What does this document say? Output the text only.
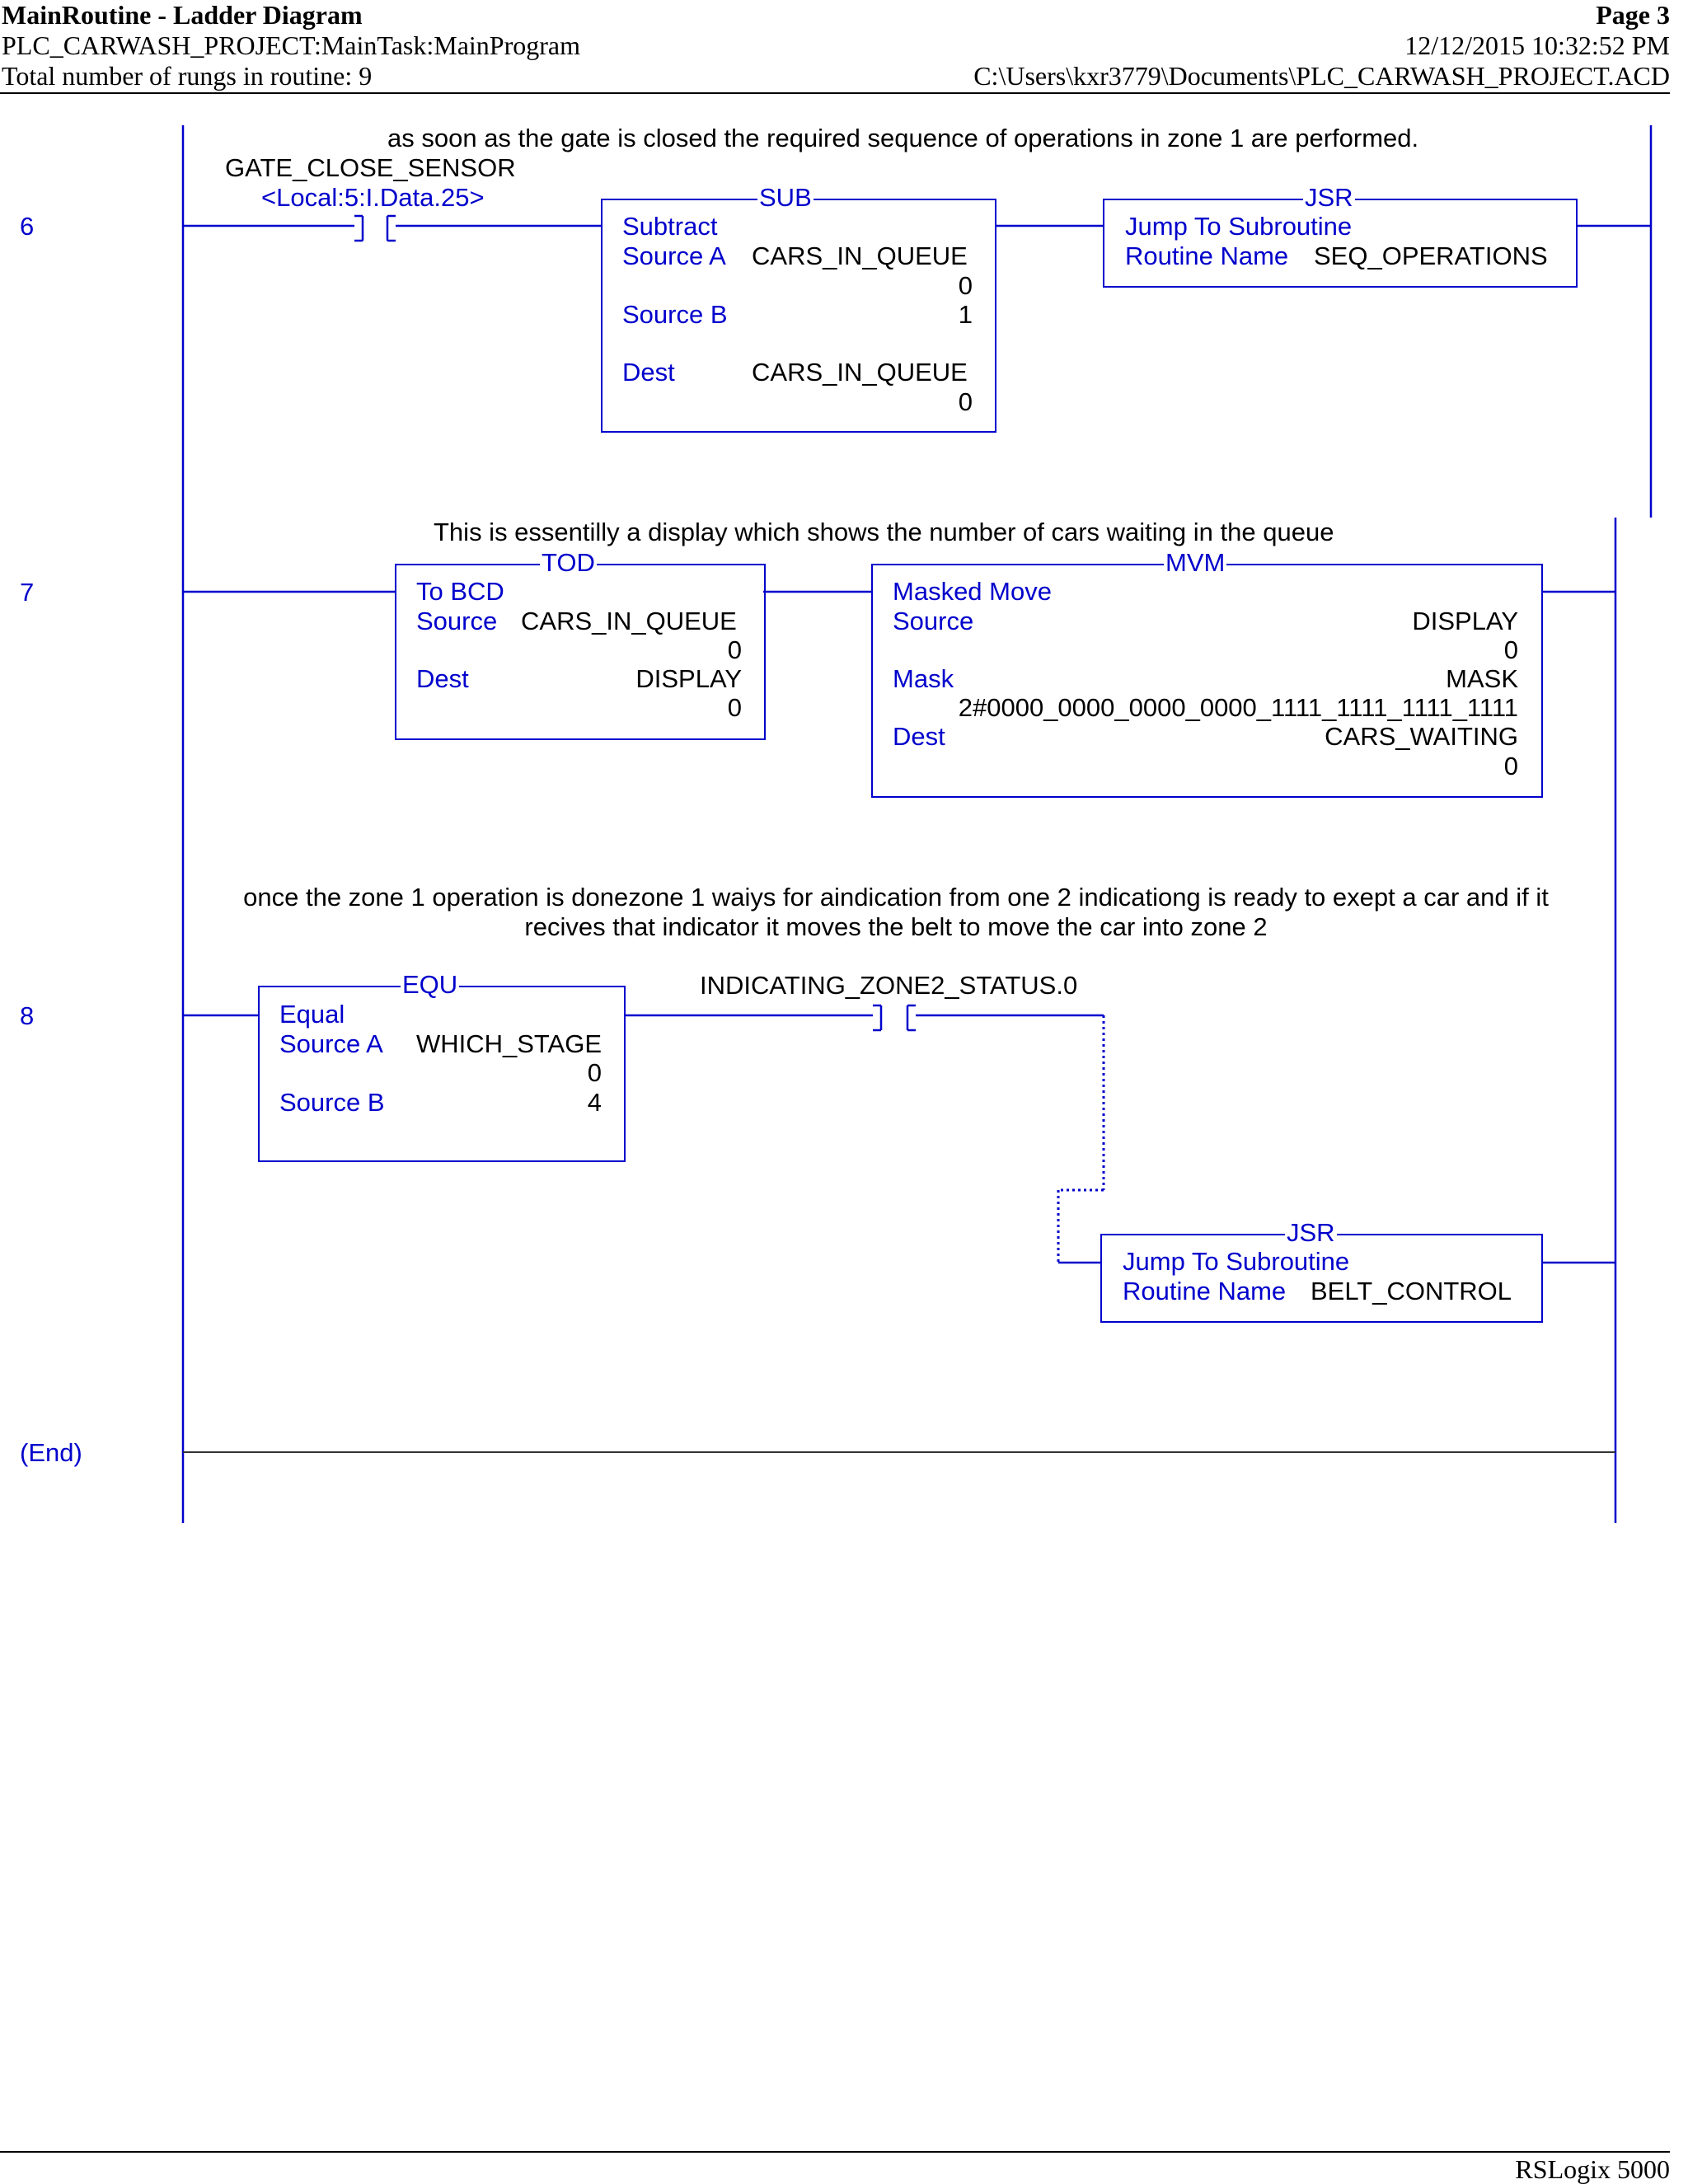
MainRoutine - Ladder Diagram	Page 3
PLC_CARWASH_PROJECT:MainTask:MainProgram	12/12/2015 10:32:52 PM
Total number of rungs in routine: 9	C:\Users\kxr3779\Documents\PLC_CARWASH_PROJECT.ACD
6
7
8
(End)
as soon as the gate is closed the required sequence of operations in zone 1 are performed.
GATE_CLOSE_SENSOR
<Local:5:I.Data.25>	SUB
Subtract
Source A CARS_IN_QUEUE
0
Source B	1
Dest	CARS_IN_QUEUE
0
JSR
Jump To Subroutine
Routine Name SEQ_OPERATIONS
This is essentilly a display which shows the number of cars waiting in the queue
TOD
To BCD
Source CARS_IN_QUEUE
0
Dest	DISPLAY
0
MVM
Masked Move
Source	DISPLAY
0
Mask	MASK
2#0000_0000_0000_0000_1111_1111_1111_1111
Dest	CARS_WAITING
0
once the zone 1 operation is donezone 1 waiys for aindication from one 2 indicationg is ready to exept a car and if it
recives that indicator it moves the belt to move the car into zone 2
EQU
Equal
Source A WHICH_STAGE
0
Source B	4
INDICATING_ZONE2_STATUS.0
JSR
Jump To Subroutine
Routine Name BELT_CONTROL
RSLogix 5000
